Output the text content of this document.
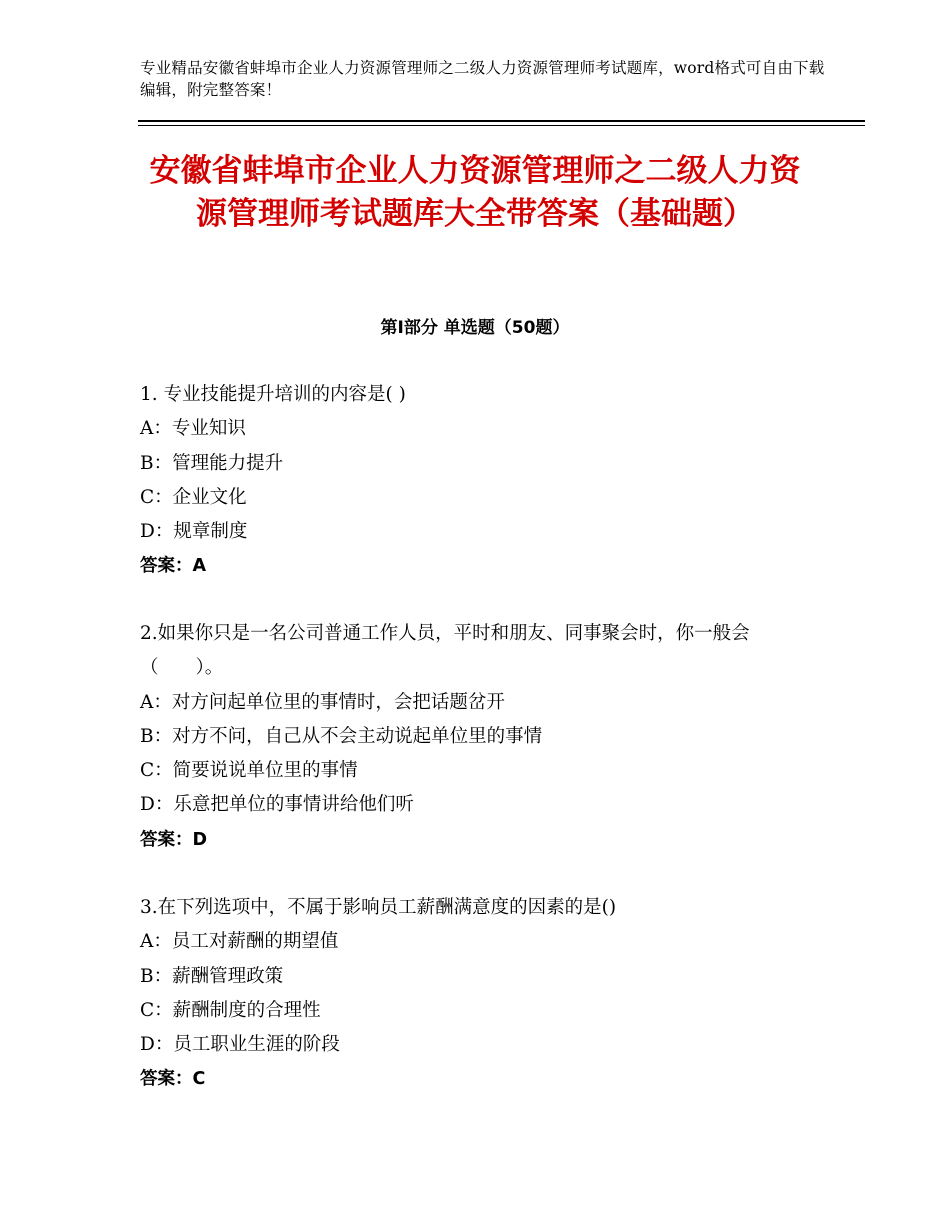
专业精品安徽省蚌埠市企业人力资源管理师之二级人力资源管理师考试题库，word格式可自由下载编辑，附完整答案！
安徽省蚌埠市企业人力资源管理师之二级人力资源管理师考试题库大全带答案（基础题）
第Ⅰ部分 单选题（50题）
1. 专业技能提升培训的内容是( )
A：专业知识
B：管理能力提升
C：企业文化
D：规章制度
答案：A
2.如果你只是一名公司普通工作人员，平时和朋友、同事聚会时，你一般会（　　）。
A：对方问起单位里的事情时，会把话题岔开
B：对方不问，自己从不会主动说起单位里的事情
C：简要说说单位里的事情
D：乐意把单位的事情讲给他们听
答案：D
3.在下列选项中，不属于影响员工薪酬满意度的因素的是()
A：员工对薪酬的期望值
B：薪酬管理政策
C：薪酬制度的合理性
D：员工职业生涯的阶段
答案：C
